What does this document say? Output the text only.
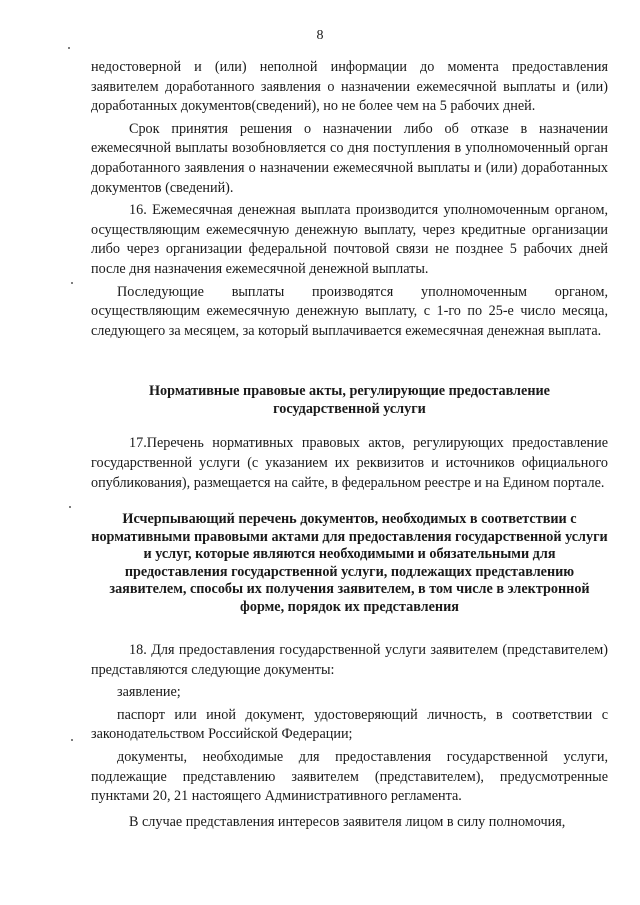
8

недостоверной и (или) неполной информации до момента предоставления заявителем доработанного заявления о назначении ежемесячной выплаты и (или) доработанных документов(сведений), но не более чем на 5 рабочих дней.

Срок принятия решения о назначении либо об отказе в назначении ежемесячной выплаты возобновляется со дня поступления в уполномоченный орган доработанного заявления о назначении ежемесячной выплаты и (или) доработанных документов (сведений).

16. Ежемесячная денежная выплата производится уполномоченным органом, осуществляющим ежемесячную денежную выплату, через кредитные организации либо через организации федеральной почтовой связи не позднее 5 рабочих дней после дня назначения ежемесячной денежной выплаты.

Последующие выплаты производятся уполномоченным органом, осуществляющим ежемесячную денежную выплату, с 1-го по 25-е число месяца, следующего за месяцем, за который выплачивается ежемесячная денежная выплата.

Нормативные правовые акты, регулирующие предоставление государственной услуги

17.Перечень нормативных правовых актов, регулирующих предоставление государственной услуги (с указанием их реквизитов и источников официального опубликования), размещается на сайте, в федеральном реестре и на Едином портале.

Исчерпывающий перечень документов, необходимых в соответствии с нормативными правовыми актами для предоставления государственной услуги и услуг, которые являются необходимыми и обязательными для предоставления государственной услуги, подлежащих представлению заявителем, способы их получения заявителем, в том числе в электронной форме, порядок их представления

18. Для предоставления государственной услуги заявителем (представителем) представляются следующие документы:

заявление;

паспорт или иной документ, удостоверяющий личность, в соответствии с законодательством Российской Федерации;

документы, необходимые для предоставления государственной услуги, подлежащие представлению заявителем (представителем), предусмотренные пунктами 20, 21 настоящего Административного регламента.

В случае представления интересов заявителя лицом в силу полномочия,
